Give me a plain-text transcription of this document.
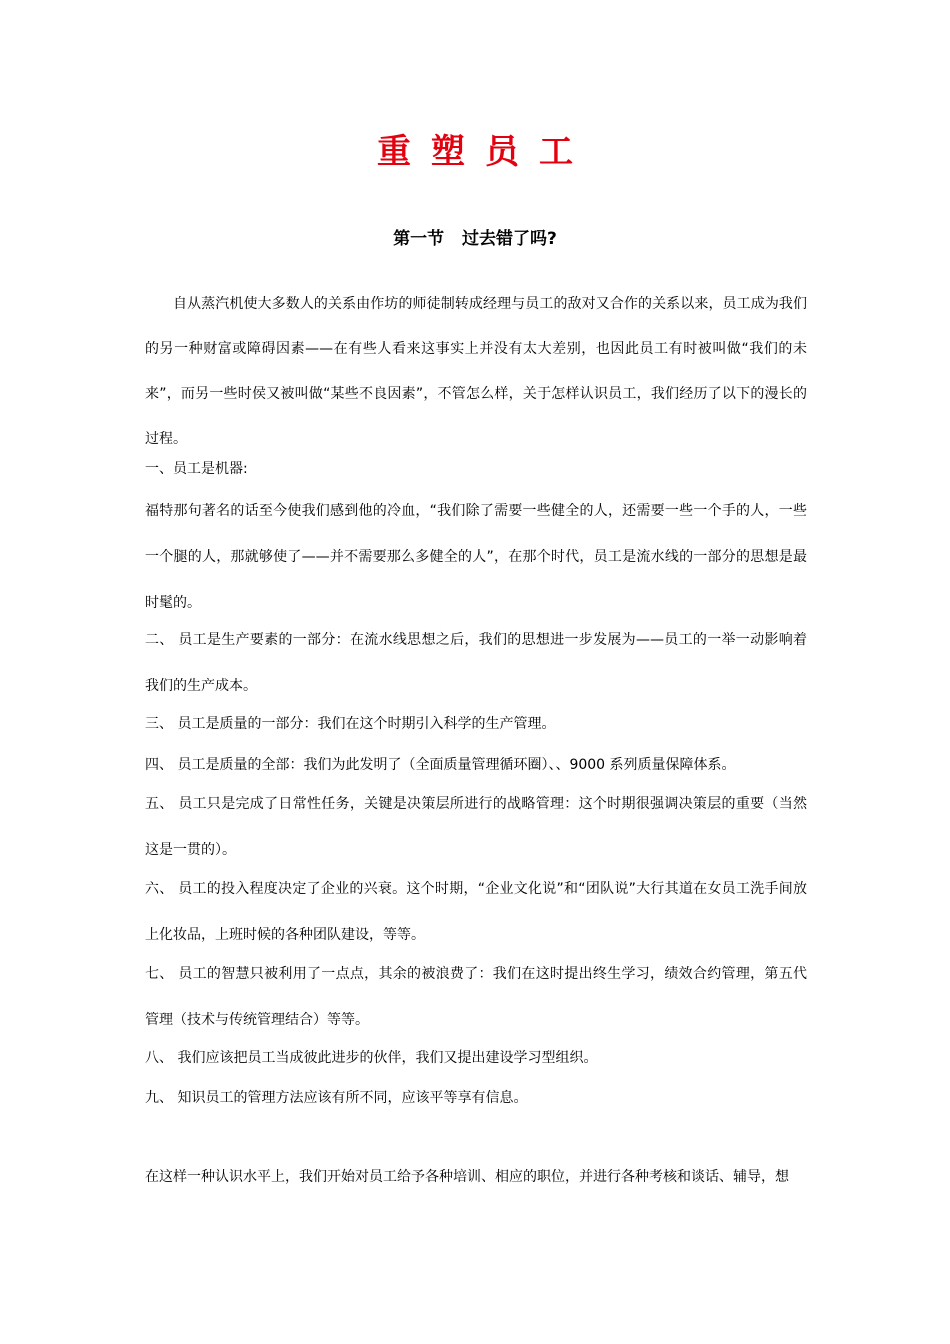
重塑员工
第一节 过去错了吗?
自从蒸汽机使大多数人的关系由作坊的师徒制转成经理与员工的敌对又合作的关系以来，员工成为我们的另一种财富或障碍因素——在有些人看来这事实上并没有太大差别，也因此员工有时被叫做“我们的未来”，而另一些时侯又被叫做“某些不良因素”，不管怎么样，关于怎样认识员工，我们经历了以下的漫长的过程。
一、员工是机器:
福特那句著名的话至今使我们感到他的冷血，“我们除了需要一些健全的人，还需要一些一个手的人，一些一个腿的人，那就够使了——并不需要那么多健全的人”，在那个时代，员工是流水线的一部分的思想是最时髦的。
二、 员工是生产要素的一部分：在流水线思想之后，我们的思想进一步发展为——员工的一举一动影响着我们的生产成本。
三、 员工是质量的一部分：我们在这个时期引入科学的生产管理。
四、 员工是质量的全部：我们为此发明了（全面质量管理循环圈）、、9000 系列质量保障体系。
五、 员工只是完成了日常性任务，关键是决策层所进行的战略管理：这个时期很强调决策层的重要（当然这是一贯的）。
六、 员工的投入程度决定了企业的兴衰。这个时期，“企业文化说”和“团队说”大行其道在女员工洗手间放上化妆品，上班时候的各种团队建设，等等。
七、 员工的智慧只被利用了一点点，其余的被浪费了：我们在这时提出终生学习，绩效合约管理，第五代管理（技术与传统管理结合）等等。
八、 我们应该把员工当成彼此进步的伙伴，我们又提出建设学习型组织。
九、 知识员工的管理方法应该有所不同，应该平等享有信息。
在这样一种认识水平上，我们开始对员工给予各种培训、相应的职位，并进行各种考核和谈话、辅导，想
